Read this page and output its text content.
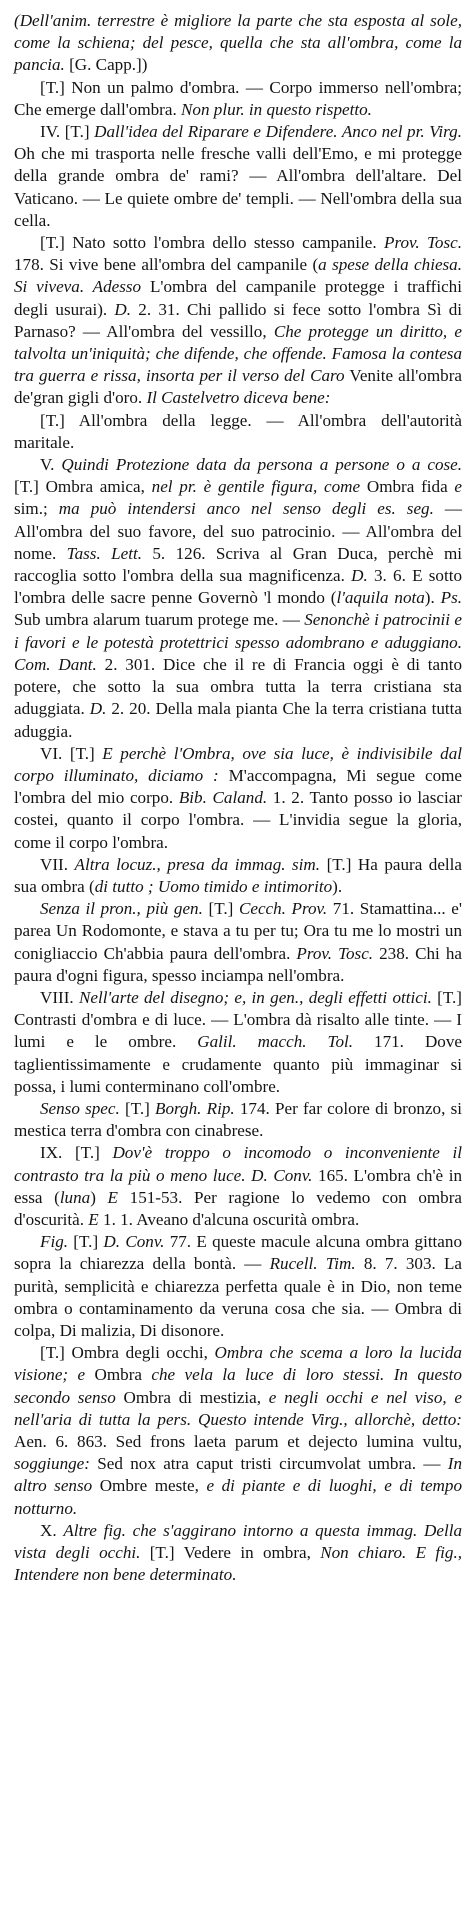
(Dell'anim. terrestre è migliore la parte che sta esposta al sole, come la schiena; del pesce, quella che sta all'ombra, come la pancia. [G. Capp.])

[T.] Non un palmo d'ombra. — Corpo immerso nell'ombra; Che emerge dall'ombra. Non plur. in questo rispetto.

IV. [T.] Dall'idea del Riparare e Difendere. Anco nel pr. Virg. Oh che mi trasporta nelle fresche valli dell'Emo, e mi protegge della grande ombra de' rami? — All'ombra dell'altare. Del Vaticano. — Le quiete ombre de' templi. — Nell'ombra della sua cella.

[T.] Nato sotto l'ombra dello stesso campanile. Prov. Tosc. 178. Si vive bene all'ombra del campanile (a spese della chiesa. Si viveva. Adesso L'ombra del campanile protegge i traffichi degli usurai). D. 2. 31. Chi pallido si fece sotto l'ombra Sì di Parnaso? — All'ombra del vessillo, Che protegge un diritto, e talvolta un'iniquità; che difende, che offende. Famosa la contesa tra guerra e rissa, insorta per il verso del Caro Venite all'ombra de'gran gigli d'oro. Il Castelvetro diceva bene:

[T.] All'ombra della legge. — All'ombra dell'autorità maritale.

V. Quindi Protezione data da persona a persone o a cose. [T.] Ombra amica, nel pr. è gentile figura, come Ombra fida e sim.; ma può intendersi anco nel senso degli es. seg. — All'ombra del suo favore, del suo patrocinio. — All'ombra del nome. Tass. Lett. 5. 126. Scriva al Gran Duca, perchè mi raccoglia sotto l'ombra della sua magnificenza. D. 3. 6. E sotto l'ombra delle sacre penne Governò 'l mondo (l'aquila nota). Ps. Sub umbra alarum tuarum protege me. — Senonchè i patrocinii e i favori e le potestà protettrici spesso adombrano e aduggiano. Com. Dant. 2. 301. Dice che il re di Francia oggi è di tanto potere, che sotto la sua ombra tutta la terra cristiana sta aduggiata. D. 2. 20. Della mala pianta Che la terra cristiana tutta aduggia.

VI. [T.] E perchè l'Ombra, ove sia luce, è indivisibile dal corpo illuminato, diciamo : M'accompagna, Mi segue come l'ombra del mio corpo. Bib. Caland. 1. 2. Tanto posso io lasciar costei, quanto il corpo l'ombra. — L'invidia segue la gloria, come il corpo l'ombra.

VII. Altra locuz., presa da immag. sim. [T.] Ha paura della sua ombra (di tutto ; Uomo timido e intimorito).

Senza il pron., più gen. [T.] Cecch. Prov. 71. Stamattina... e' parea Un Rodomonte, e stava a tu per tu; Ora tu me lo mostri un conigliaccio Ch'abbia paura dell'ombra. Prov. Tosc. 238. Chi ha paura d'ogni figura, spesso inciampa nell'ombra.

VIII. Nell'arte del disegno; e, in gen., degli effetti ottici. [T.] Contrasti d'ombra e di luce. — L'ombra dà risalto alle tinte. — I lumi e le ombre. Galil. macch. Tol. 171. Dove taglientissimamente e crudamente quanto più immaginar si possa, i lumi conterminano coll'ombre.

Senso spec. [T.] Borgh. Rip. 174. Per far colore di bronzo, si mestica terra d'ombra con cinabrese.

IX. [T.] Dov'è troppo o incomodo o inconveniente il contrasto tra la più o meno luce. D. Conv. 165. L'ombra ch'è in essa (luna) E 151-53. Per ragione lo vedemo con ombra d'oscurità. E 1. 1. Aveano d'alcuna oscurità ombra.

Fig. [T.] D. Conv. 77. E queste macule alcuna ombra gittano sopra la chiarezza della bontà. — Rucell. Tim. 8. 7. 303. La purità, semplicità e chiarezza perfetta quale è in Dio, non teme ombra o contaminamento da veruna cosa che sia. — Ombra di colpa, Di malizia, Di disonore.

[T.] Ombra degli occhi, Ombra che scema a loro la lucida visione; e Ombra che vela la luce di loro stessi. In questo secondo senso Ombra di mestizia, e negli occhi e nel viso, e nell'aria di tutta la pers. Questo intende Virg., allorchè, detto: Aen. 6. 863. Sed frons laeta parum et dejecto lumina vultu, soggiunge: Sed nox atra caput tristi circumvolat umbra. — In altro senso Ombre meste, e di piante e di luoghi, e di tempo notturno.

X. Altre fig. che s'aggirano intorno a questa immag. Della vista degli occhi. [T.] Vedere in ombra, Non chiaro. E fig., Intendere non bene determinato.
